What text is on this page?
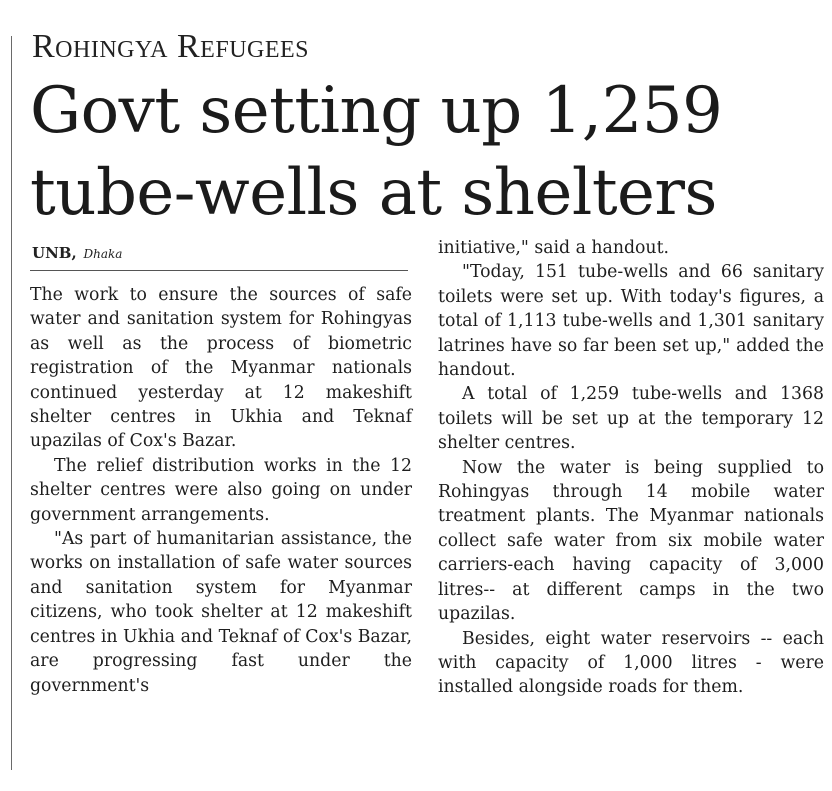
Rohingya Refugees
Govt setting up 1,259 tube-wells at shelters
UNB, Dhaka

The work to ensure the sources of safe water and sanitation system for Rohingyas as well as the process of biometric registration of the Myanmar nationals continued yesterday at 12 makeshift shelter centres in Ukhia and Teknaf upazilas of Cox's Bazar.

The relief distribution works in the 12 shelter centres were also going on under government arrangements.

"As part of humanitarian assistance, the works on installation of safe water sources and sanitation system for Myanmar citizens, who took shelter at 12 makeshift centres in Ukhia and Teknaf of Cox's Bazar, are progressing fast under the government's

initiative," said a handout.

"Today, 151 tube-wells and 66 sanitary toilets were set up. With today's figures, a total of 1,113 tube-wells and 1,301 sanitary latrines have so far been set up," added the handout.

A total of 1,259 tube-wells and 1368 toilets will be set up at the temporary 12 shelter centres.

Now the water is being supplied to Rohingyas through 14 mobile water treatment plants. The Myanmar nationals collect safe water from six mobile water carriers-each having capacity of 3,000 litres-- at different camps in the two upazilas.

Besides, eight water reservoirs -- each with capacity of 1,000 litres - were installed alongside roads for them.
